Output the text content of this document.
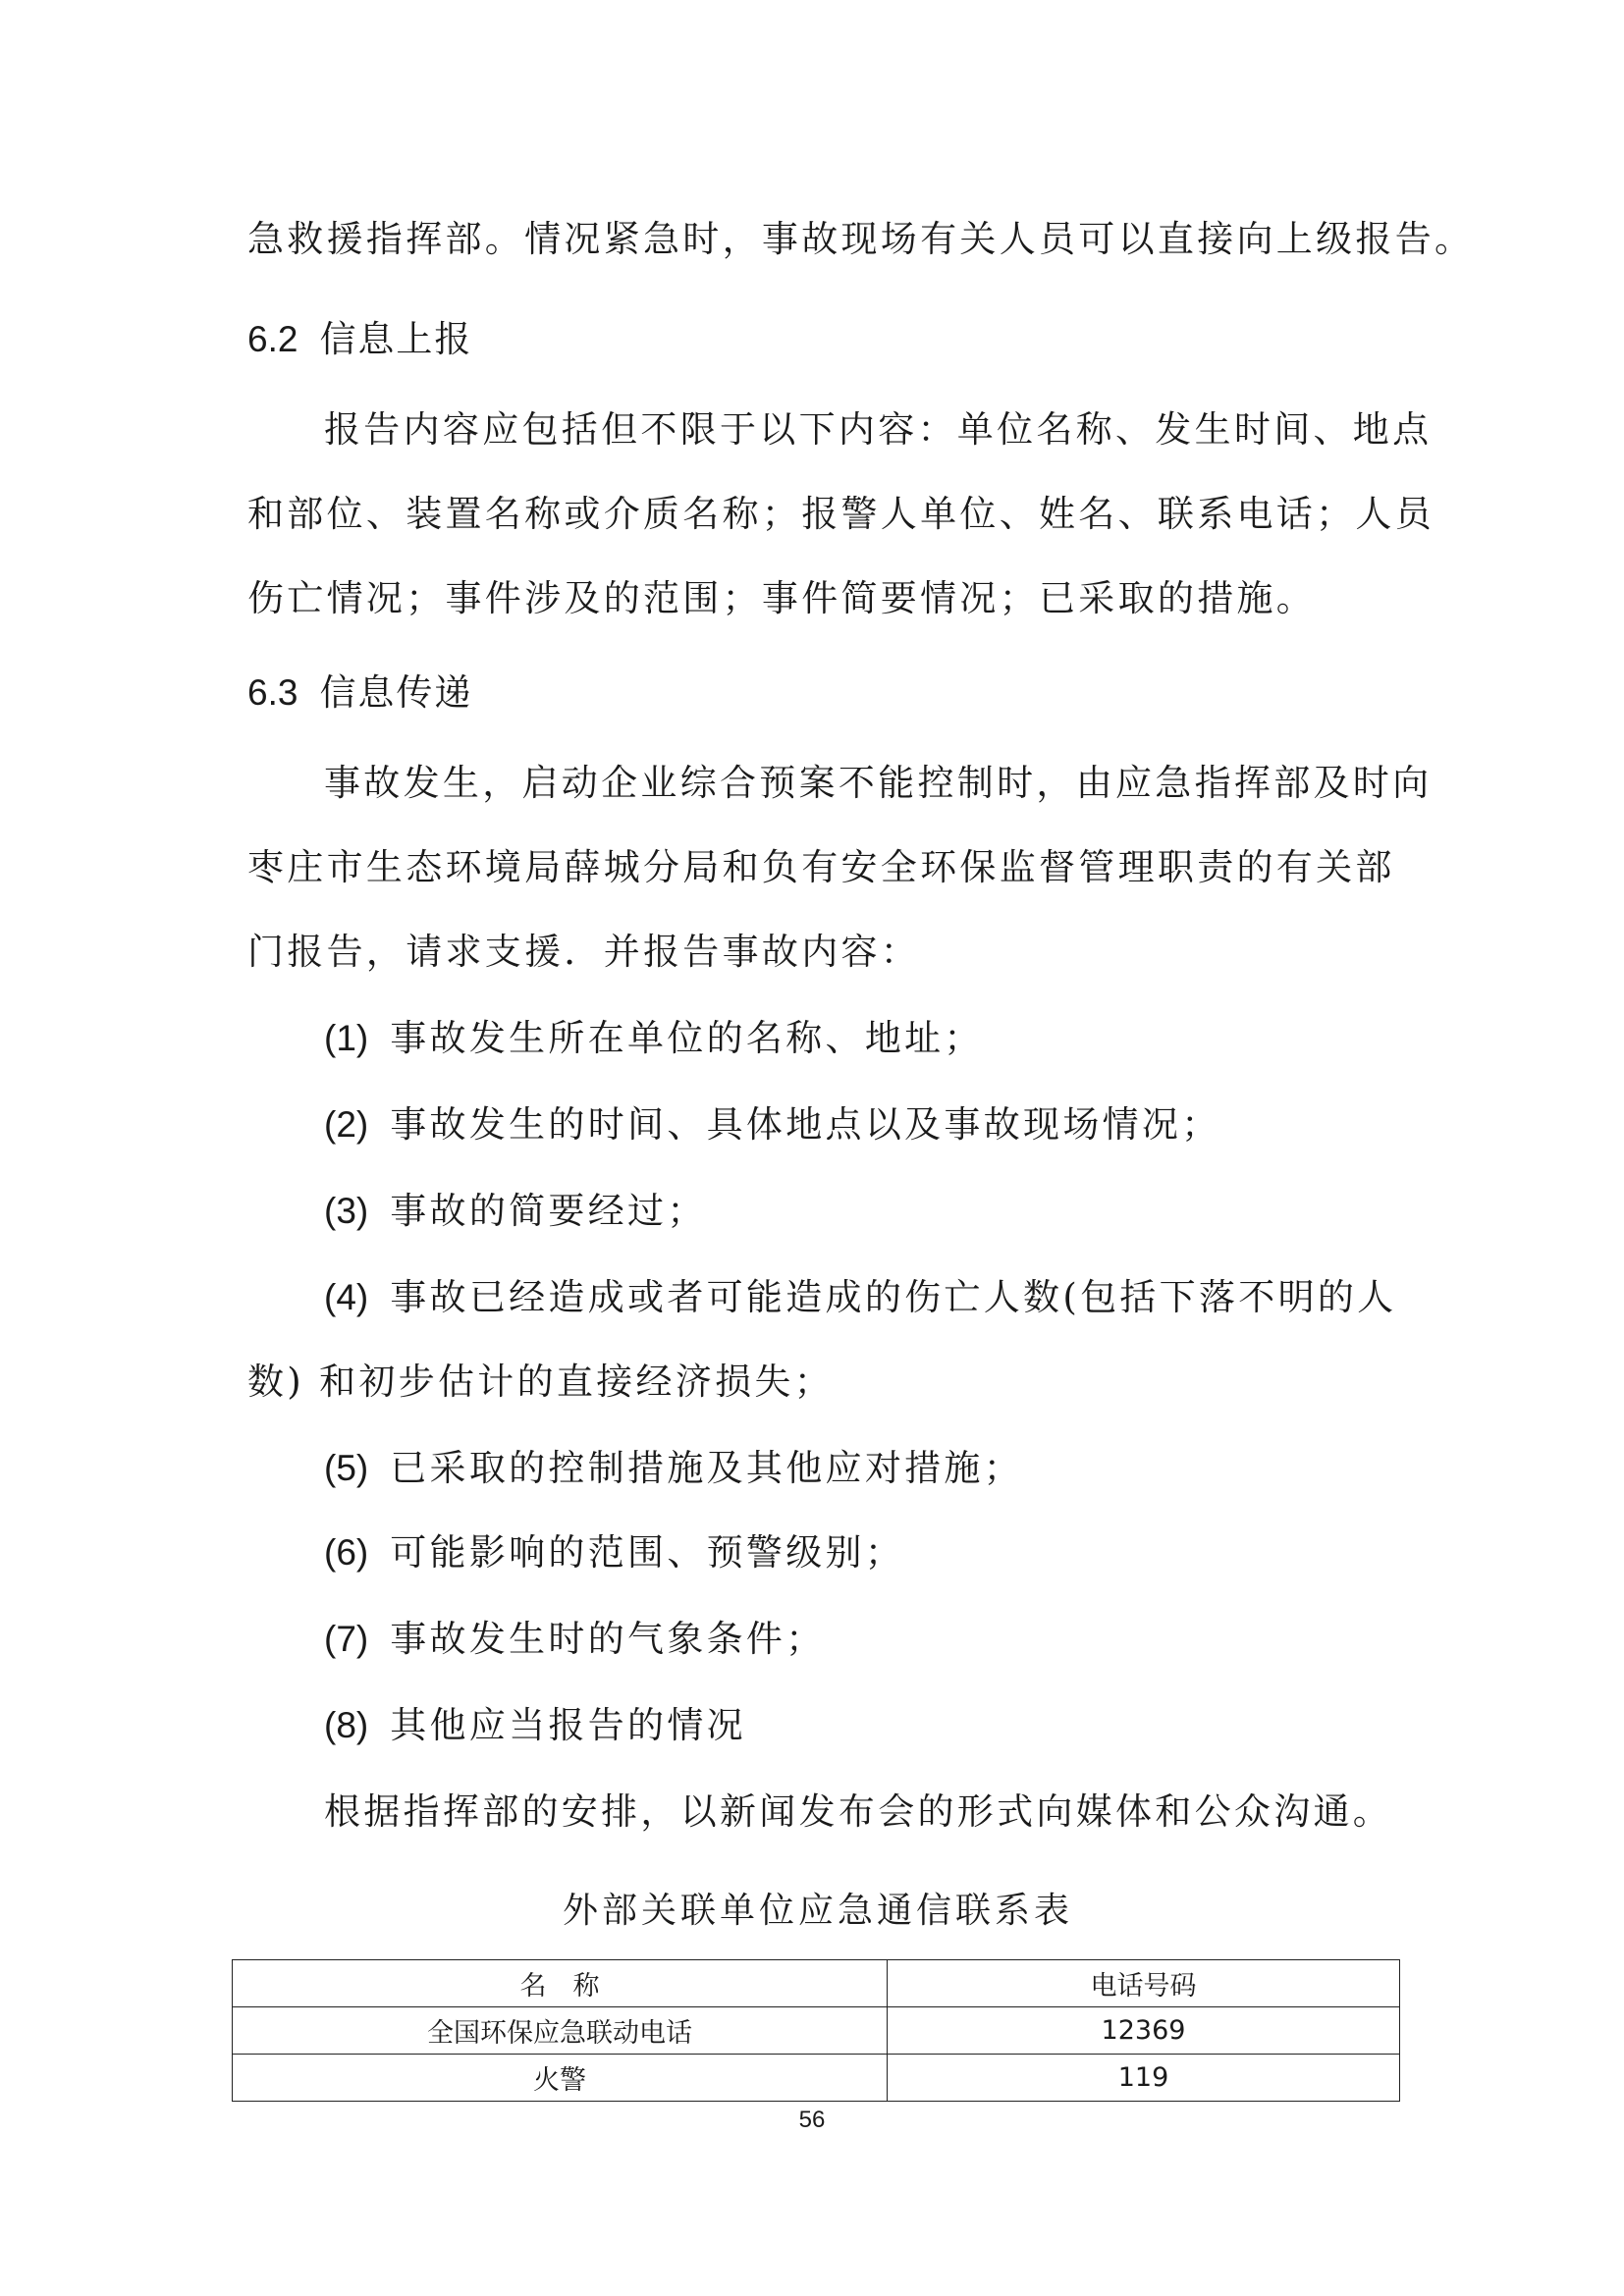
急救援指挥部。情况紧急时，事故现场有关人员可以直接向上级报告。
6.2 信息上报
报告内容应包括但不限于以下内容：单位名称、发生时间、地点
和部位、装置名称或介质名称；报警人单位、姓名、联系电话；人员
伤亡情况；事件涉及的范围；事件简要情况；已采取的措施。
6.3 信息传递
事故发生，启动企业综合预案不能控制时，由应急指挥部及时向
枣庄市生态环境局薛城分局和负有安全环保监督管理职责的有关部
门报告，请求支援．并报告事故内容：
(1) 事故发生所在单位的名称、地址；
(2) 事故发生的时间、具体地点以及事故现场情况；
(3) 事故的简要经过；
(4) 事故已经造成或者可能造成的伤亡人数(包括下落不明的人
数) 和初步估计的直接经济损失；
(5) 已采取的控制措施及其他应对措施；
(6) 可能影响的范围、预警级别；
(7) 事故发生时的气象条件；
(8) 其他应当报告的情况
根据指挥部的安排，以新闻发布会的形式向媒体和公众沟通。
外部关联单位应急通信联系表
名　称	电话号码
全国环保应急联动电话	12369
火警	119
56
